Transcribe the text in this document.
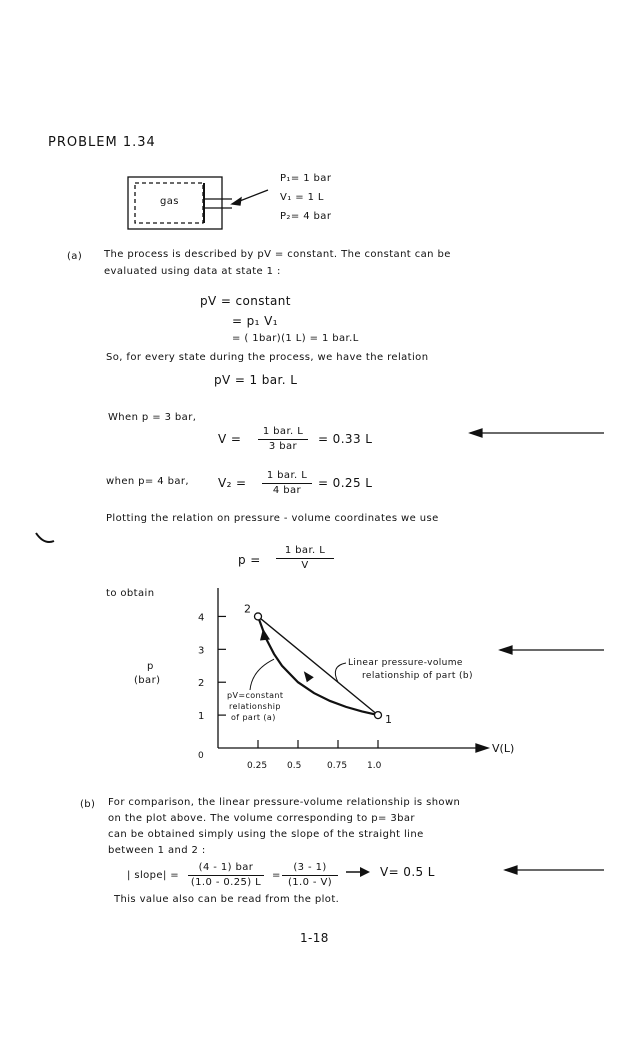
PROBLEM 1.34
gas
P₁= 1 bar
V₁ = 1 L
P₂= 4 bar
(a) The process is described by pV = constant. The constant can be
evaluated using data at state 1 :
pV = constant
= p₁ V₁
= ( 1bar)(1 L) = 1 bar.L
So, for every state during the process, we have the relation
pV = 1 bar. L
When p = 3 bar,
V =
1 bar. L
3 bar
= 0.33 L
when p= 4 bar, V₂ =
1 bar. L
4 bar
= 0.25 L
Plotting the relation on pressure - volume coordinates we use
p =
1 bar. L
V
to obtain
1
2
3
4
0
0.25 0.5	0.75 1.0
V(L)
2
1
p
(bar)
Linear pressure-volume
relationship of part (b)
pV=constant
relationship
of part (a)
(b) For comparison, the linear pressure-volume relationship is shown
on the plot above. The volume corresponding to p= 3bar
can be obtained simply using the slope of the straight line
between 1 and 2 :
| slope| =
(4 - 1) bar
(1.0 - 0.25) L
= $\frac{(3 - 1)}{(1.0 - V)}$	V= 0.5 L
This value also can be read from the plot.
1-18
